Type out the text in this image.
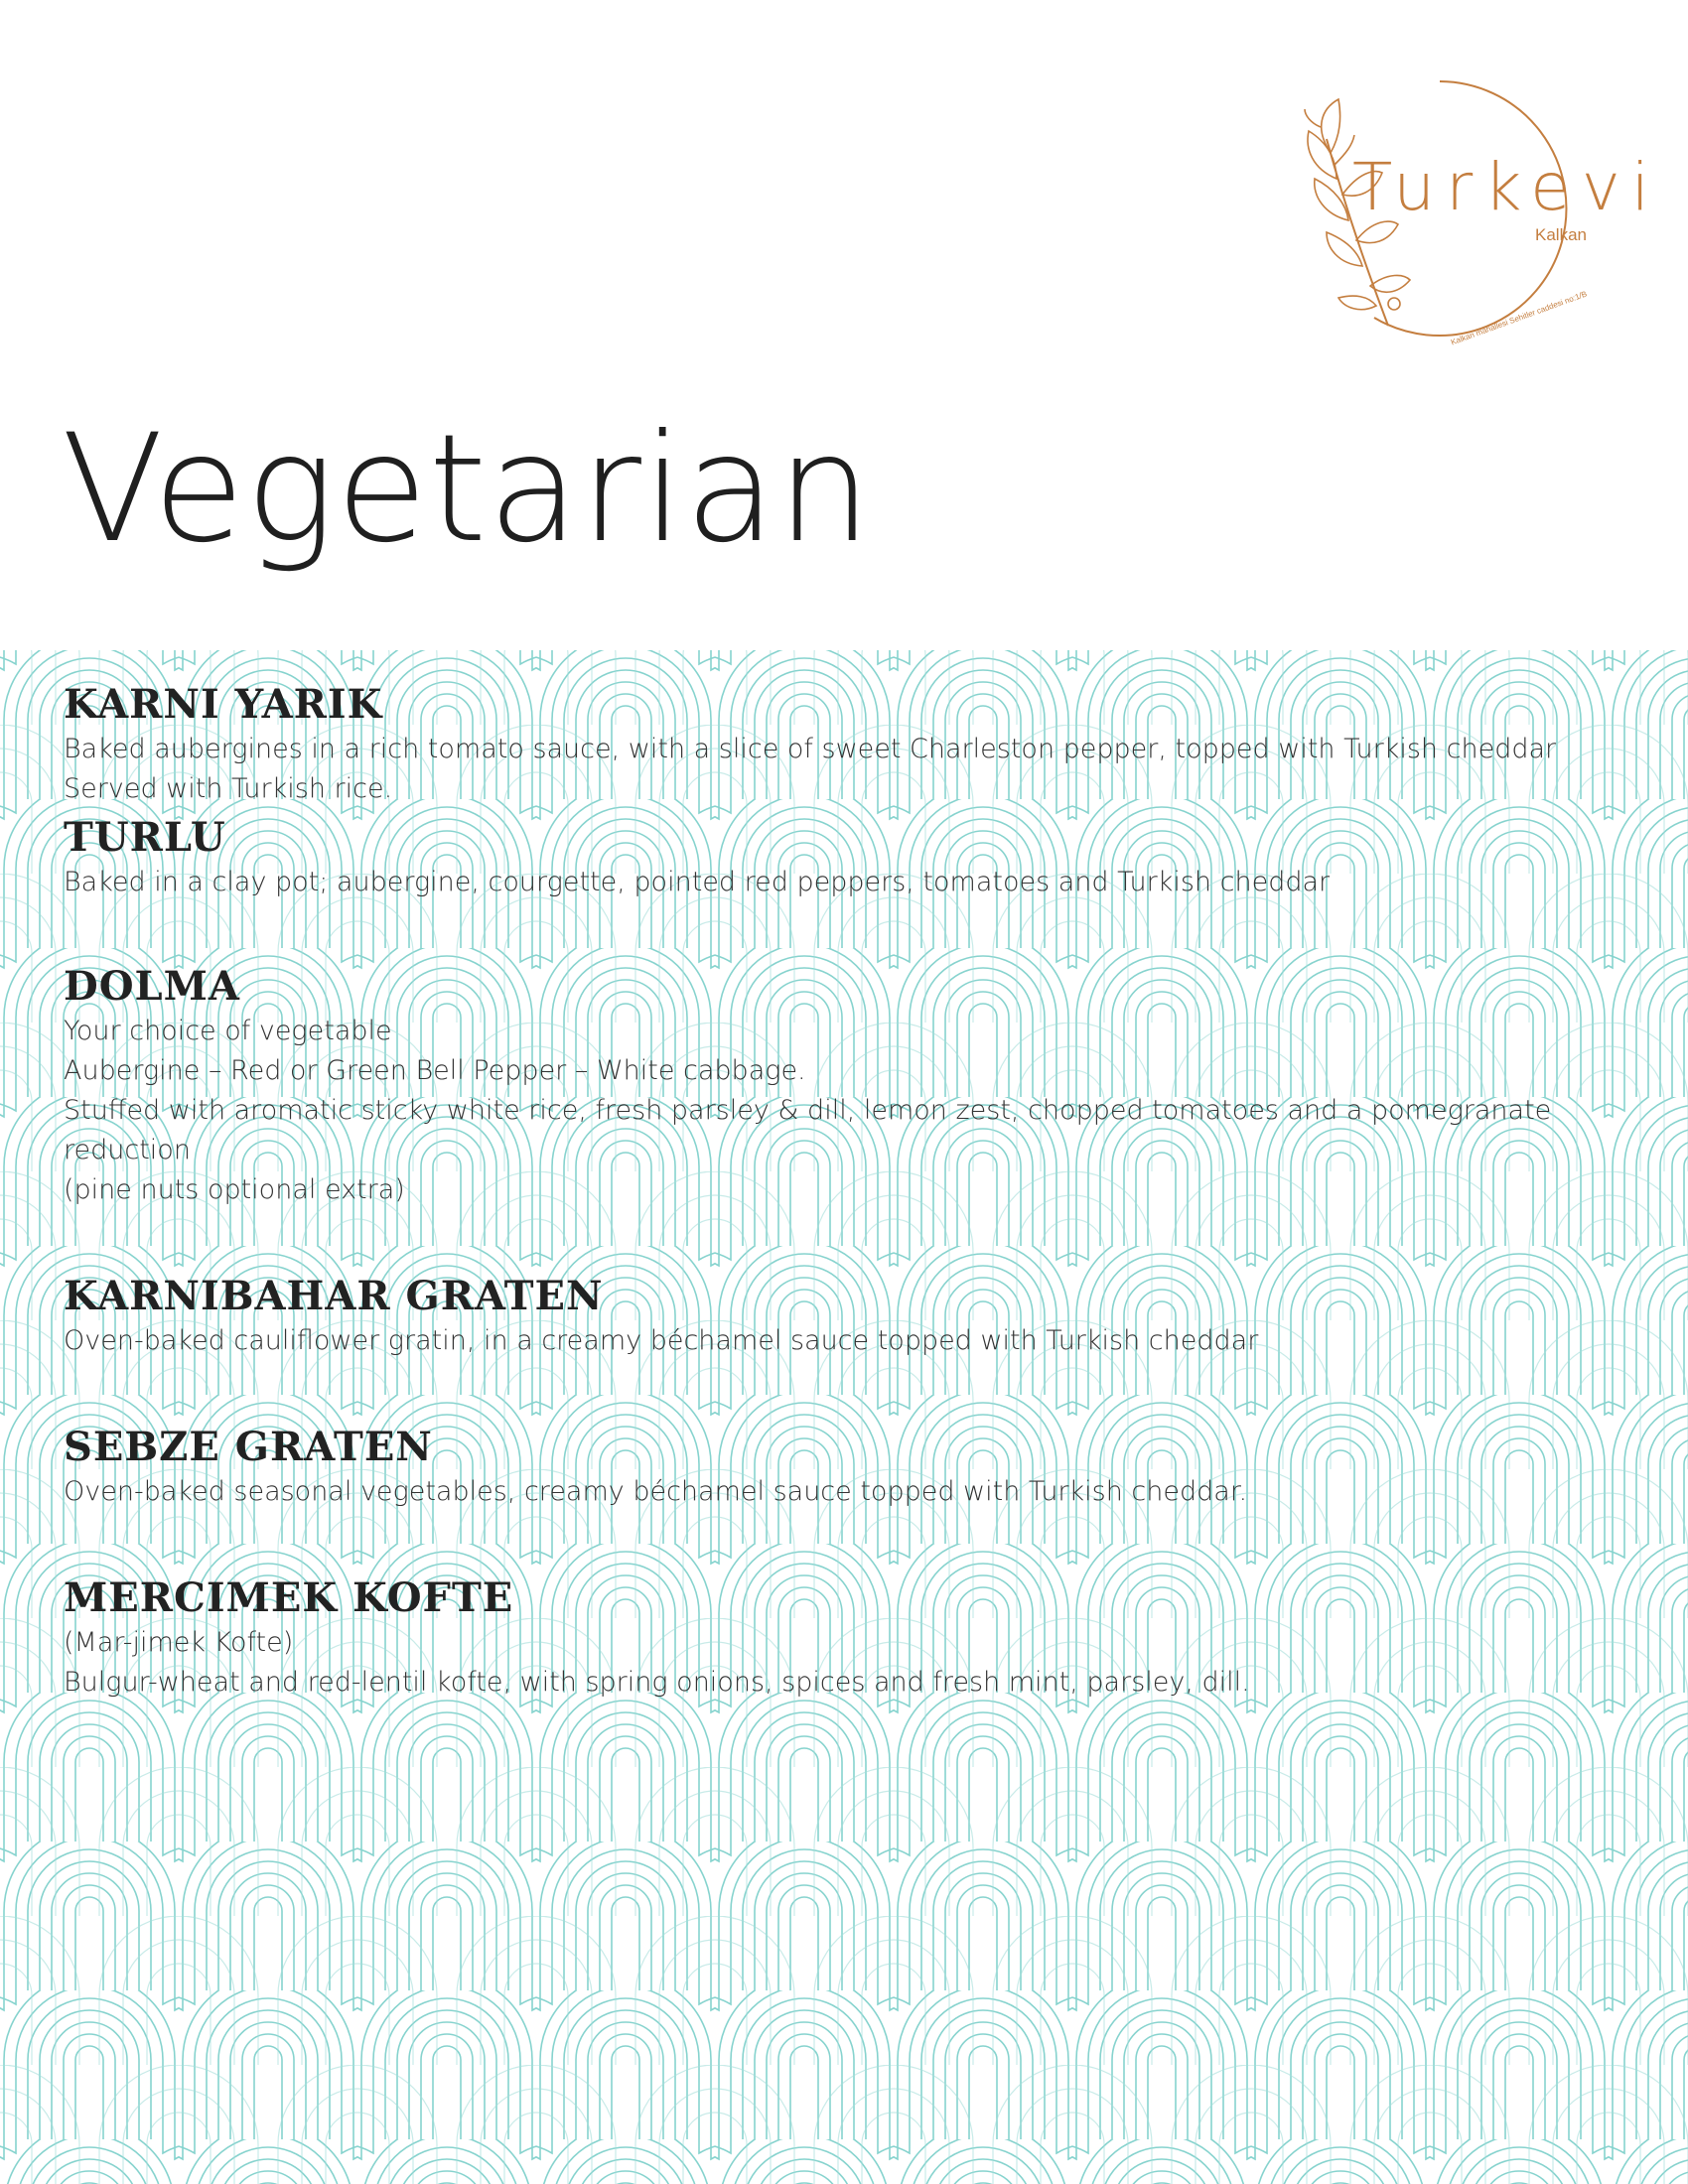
Turkevi
Kalkan
Kalkan mahallesi Sehitler caddesi no:1/B
Vegetarian
KARNI YARIK

Baked aubergines in a rich tomato sauce, with a slice of sweet Charleston pepper, topped with Turkish cheddar

Served with Turkish rice.

TURLU

Baked in a clay pot; aubergine, courgette, pointed red peppers, tomatoes and Turkish cheddar

DOLMA

Your choice of vegetable

Aubergine – Red or Green Bell Pepper – White cabbage.

Stuffed with aromatic sticky white rice, fresh parsley & dill, lemon zest, chopped tomatoes and a pomegranate

reduction

(pine nuts optional extra)

KARNIBAHAR GRATEN

Oven-baked cauliflower gratin, in a creamy béchamel sauce topped with Turkish cheddar

SEBZE GRATEN

Oven-baked seasonal vegetables, creamy béchamel sauce topped with Turkish cheddar.

MERCIMEK KOFTE

(Mar-jimek Kofte)

Bulgur-wheat and red-lentil kofte, with spring onions, spices and fresh mint, parsley, dill.
